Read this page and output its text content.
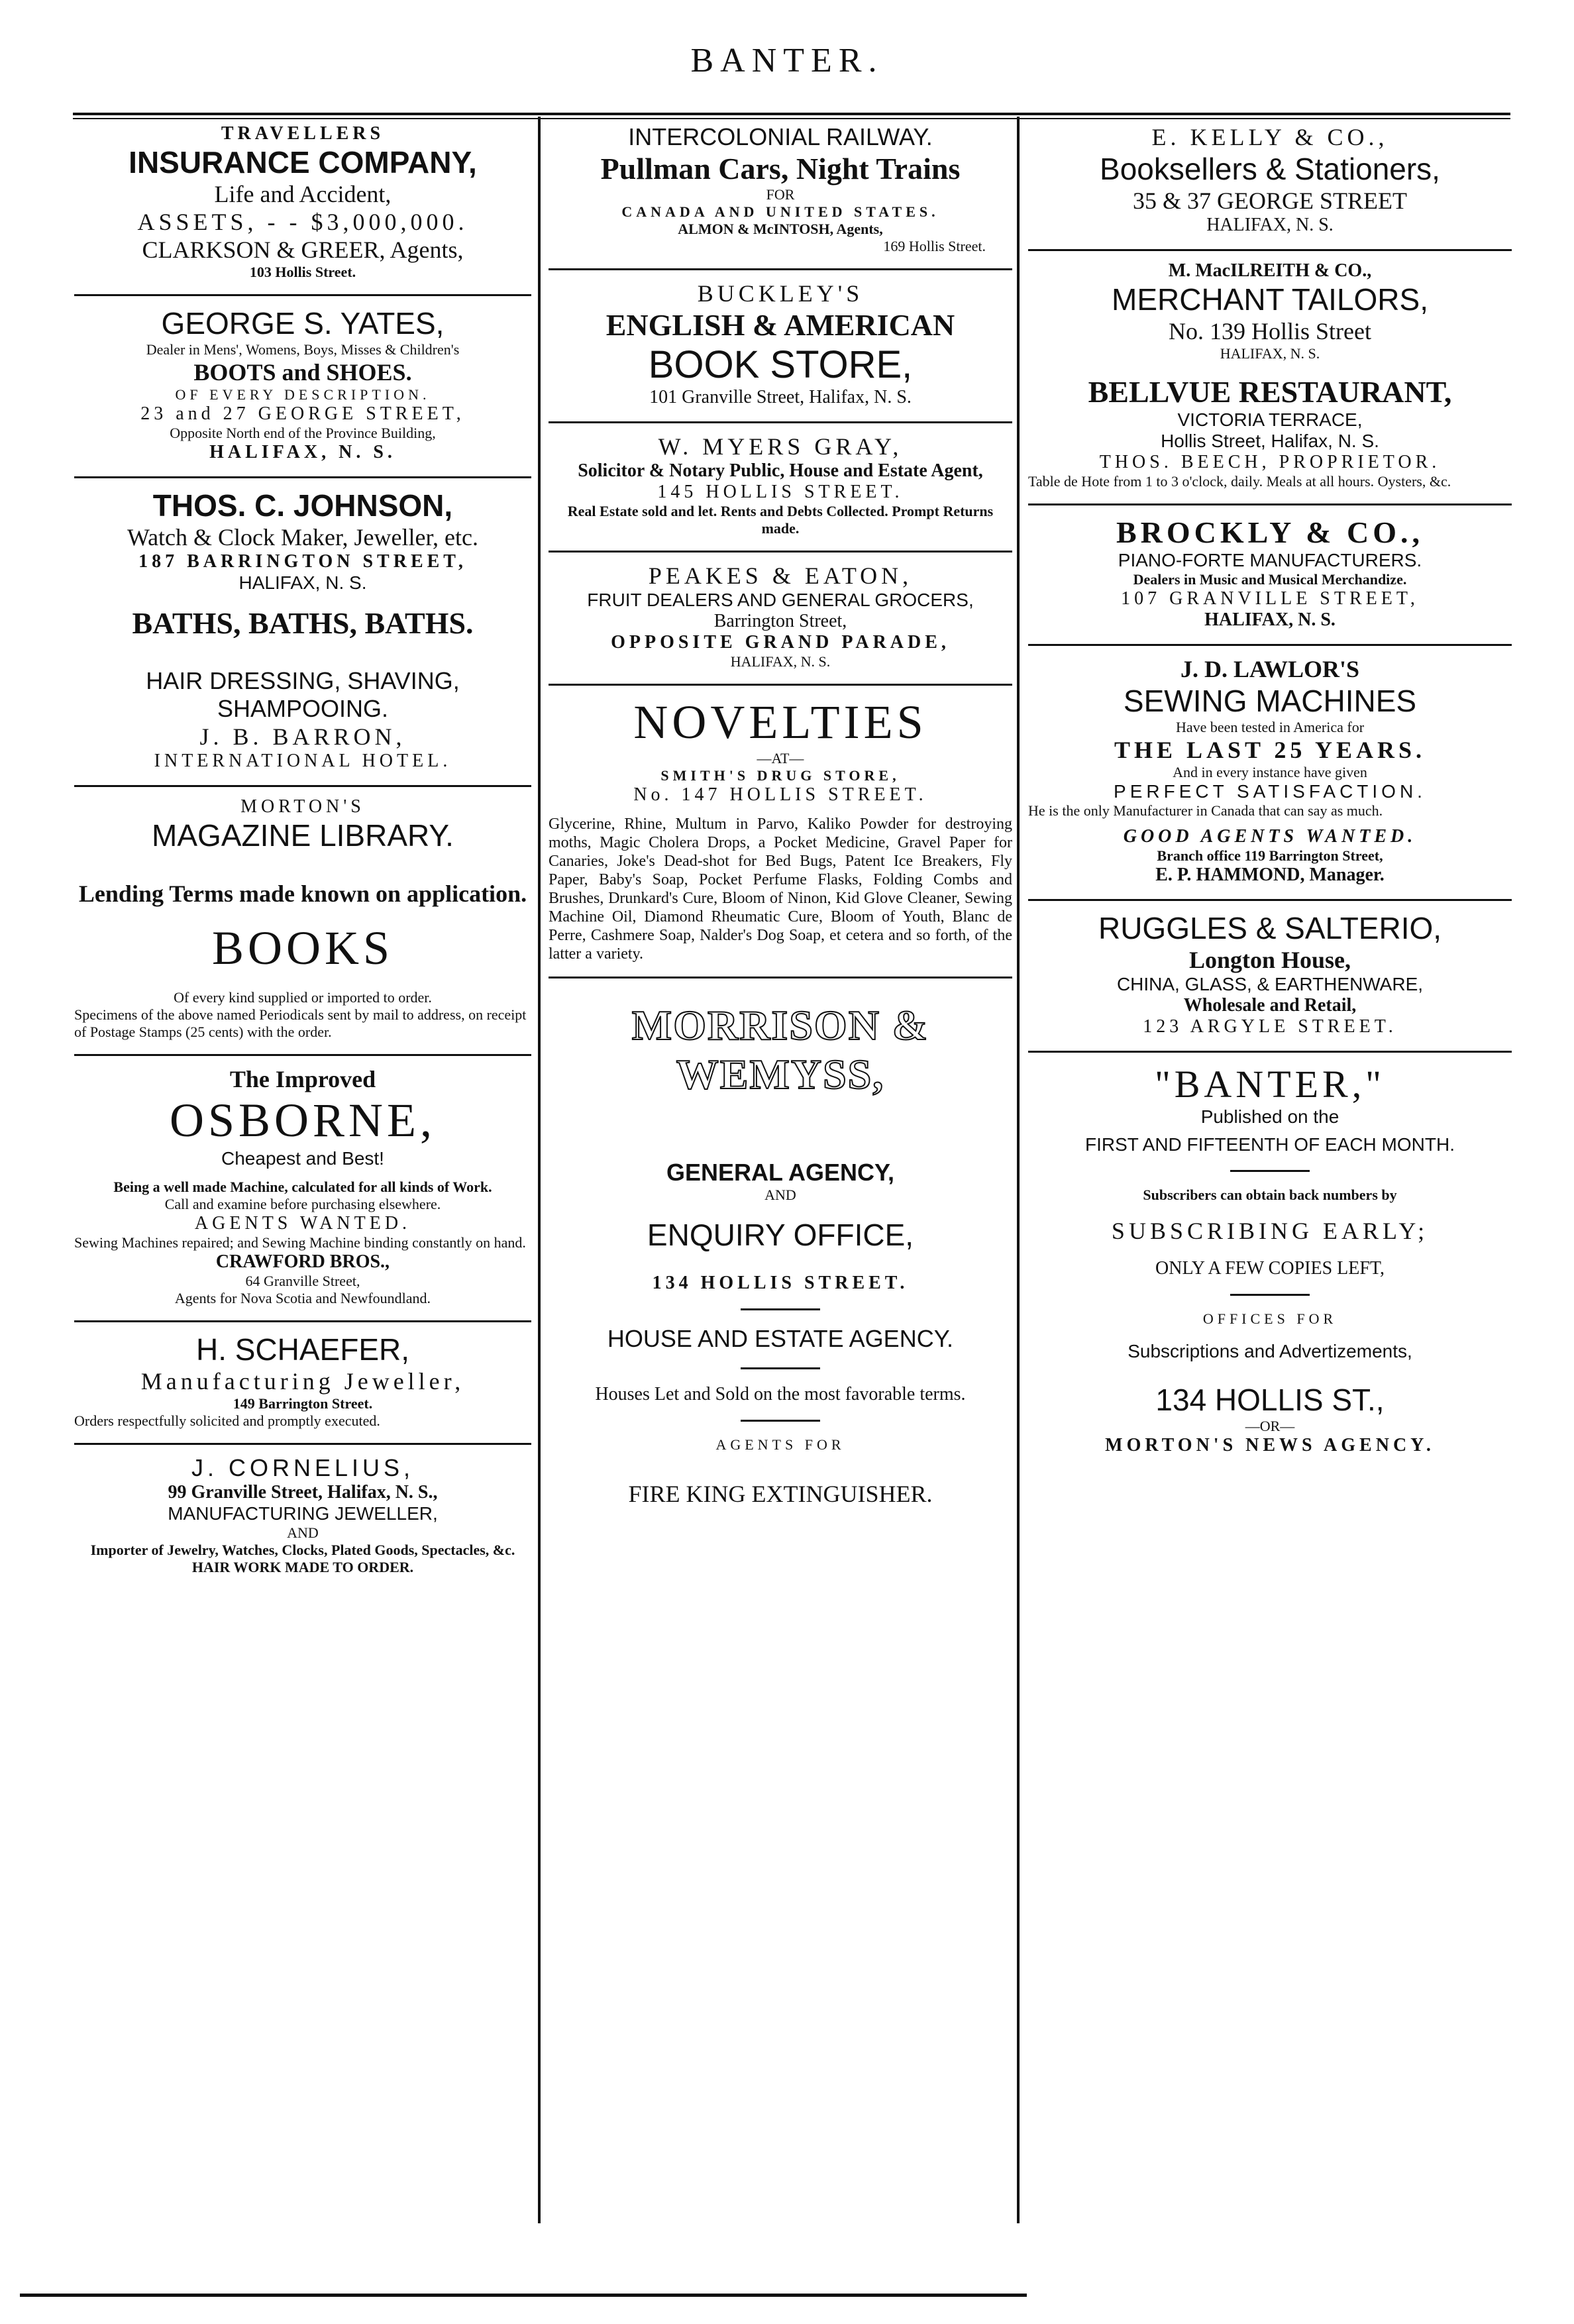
BANTER.
TRAVELLERS
INSURANCE COMPANY,
Life and Accident,
ASSETS, - - $3,000,000.
CLARKSON & GREER, Agents,
103 Hollis Street.
GEORGE S. YATES,
Dealer in Mens', Womens, Boys, Misses & Children's
BOOTS and SHOES.
OF EVERY DESCRIPTION.
23 and 27 GEORGE STREET,
Opposite North end of the Province Building,
HALIFAX, N. S.
THOS. C. JOHNSON,
Watch & Clock Maker, Jeweller, etc.
187 BARRINGTON STREET,
HALIFAX, N. S.
BATHS, BATHS, BATHS.
HAIR DRESSING, SHAVING, SHAMPOOING.
J. B. BARRON,
INTERNATIONAL HOTEL.
MORTON'S
MAGAZINE LIBRARY.
Lending Terms made known on application.
BOOKS
Of every kind supplied or imported to order.
Specimens of the above named Periodicals sent by mail to address, on receipt of Postage Stamps (25 cents) with the order.
The Improved
OSBORNE,
Cheapest and Best!
Being a well made Machine, calculated for all kinds of Work.
Call and examine before purchasing elsewhere.
AGENTS WANTED.
Sewing Machines repaired; and Sewing Machine binding constantly on hand.
CRAWFORD BROS.,
64 Granville Street,
Agents for Nova Scotia and Newfoundland.
H. SCHAEFER,
Manufacturing Jeweller,
149 Barrington Street.
Orders respectfully solicited and promptly executed.
J. CORNELIUS,
99 Granville Street, Halifax, N. S.,
MANUFACTURING JEWELLER,
AND
Importer of Jewelry, Watches, Clocks, Plated Goods, Spectacles, &c.
HAIR WORK MADE TO ORDER.
INTERCOLONIAL RAILWAY.
Pullman Cars, Night Trains
FOR
CANADA AND UNITED STATES.
ALMON & McINTOSH, Agents,
169 Hollis Street.
BUCKLEY'S
ENGLISH & AMERICAN
BOOK STORE,
101 Granville Street, Halifax, N. S.
W. MYERS GRAY,
Solicitor & Notary Public, House and Estate Agent,
145 HOLLIS STREET.
Real Estate sold and let. Rents and Debts Collected. Prompt Returns made.
PEAKES & EATON,
FRUIT DEALERS AND GENERAL GROCERS,
Barrington Street,
OPPOSITE GRAND PARADE,
HALIFAX, N. S.
NOVELTIES
—AT—
SMITH'S DRUG STORE,
No. 147 HOLLIS STREET.
Glycerine, Rhine, Multum in Parvo, Kaliko Powder for destroying moths, Magic Cholera Drops, a Pocket Medicine, Gravel Paper for Canaries, Joke's Dead-shot for Bed Bugs, Patent Ice Breakers, Fly Paper, Baby's Soap, Pocket Perfume Flasks, Folding Combs and Brushes, Drunkard's Cure, Bloom of Ninon, Kid Glove Cleaner, Sewing Machine Oil, Diamond Rheumatic Cure, Bloom of Youth, Blanc de Perre, Cashmere Soap, Nalder's Dog Soap, et cetera and so forth, of the latter a variety.
MORRISON & WEMYSS,
GENERAL AGENCY,
AND
ENQUIRY OFFICE,
134 HOLLIS STREET.
HOUSE AND ESTATE AGENCY.
Houses Let and Sold on the most favorable terms.
AGENTS FOR
FIRE KING EXTINGUISHER.
E. KELLY & CO.,
Booksellers & Stationers,
35 & 37 GEORGE STREET
HALIFAX, N. S.
M. MacILREITH & CO.,
MERCHANT TAILORS,
No. 139 Hollis Street
HALIFAX, N. S.
BELLVUE RESTAURANT,
VICTORIA TERRACE,
Hollis Street, Halifax, N. S.
THOS. BEECH, PROPRIETOR.
Table de Hote from 1 to 3 o'clock, daily. Meals at all hours. Oysters, &c.
BROCKLY & CO.,
PIANO-FORTE MANUFACTURERS.
Dealers in Music and Musical Merchandize.
107 GRANVILLE STREET,
HALIFAX, N. S.
J. D. LAWLOR'S
SEWING MACHINES
Have been tested in America for
THE LAST 25 YEARS.
And in every instance have given
PERFECT SATISFACTION.
He is the only Manufacturer in Canada that can say as much.
GOOD AGENTS WANTED.
Branch office 119 Barrington Street,
E. P. HAMMOND, Manager.
RUGGLES & SALTERIO,
Longton House,
CHINA, GLASS, & EARTHENWARE,
Wholesale and Retail,
123 ARGYLE STREET.
"BANTER,"
Published on the
FIRST AND FIFTEENTH OF EACH MONTH.
Subscribers can obtain back numbers by
SUBSCRIBING EARLY;
ONLY A FEW COPIES LEFT,
OFFICES FOR
Subscriptions and Advertizements,
134 HOLLIS ST.,
—OR—
MORTON'S NEWS AGENCY.
